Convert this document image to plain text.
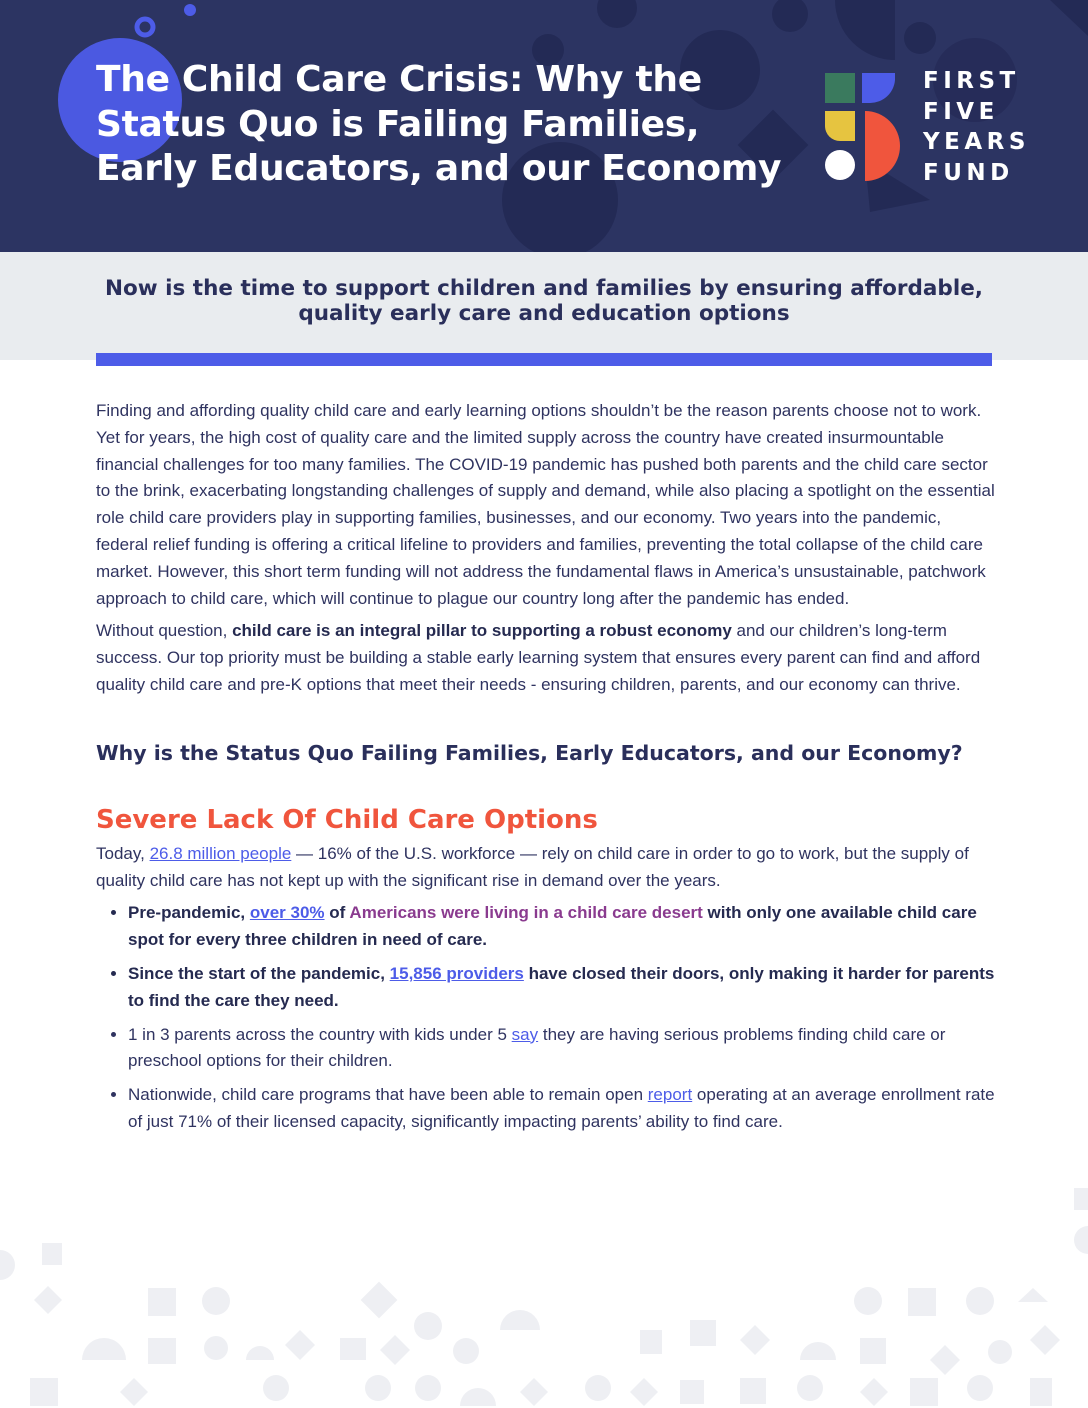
The Child Care Crisis: Why the
Status Quo is Failing Families,
Early Educators, and our Economy
FIRST
FIVE
YEARS
FUND
Now is the time to support children and families by ensuring affordable, quality early care and education options

Finding and affording quality child care and early learning options shouldn’t be the reason parents choose not to work. Yet for years, the high cost of quality care and the limited supply across the country have created insurmountable financial challenges for too many families. The COVID-19 pandemic has pushed both parents and the child care sector to the brink, exacerbating longstanding challenges of supply and demand, while also placing a spotlight on the essential role child care providers play in supporting families, businesses, and our economy. Two years into the pandemic, federal relief funding is offering a critical lifeline to providers and families, preventing the total collapse of the child care market. However, this short term funding will not address the fundamental flaws in America’s unsustainable, patchwork approach to child care, which will continue to plague our country long after the pandemic has ended.

Without question, child care is an integral pillar to supporting a robust economy and our children’s long-term success. Our top priority must be building a stable early learning system that ensures every parent can find and afford quality child care and pre-K options that meet their needs - ensuring children, parents, and our economy can thrive.

Why is the Status Quo Failing Families, Early Educators, and our Economy?
Severe Lack Of Child Care Options

Today, 26.8 million people — 16% of the U.S. workforce — rely on child care in order to go to work, but the supply of quality child care has not kept up with the significant rise in demand over the years.

• Pre-pandemic, over 30% of Americans were living in a child care desert with only one available child care spot for every three children in need of care.
• Since the start of the pandemic, 15,856 providers have closed their doors, only making it harder for parents to find the care they need.
• 1 in 3 parents across the country with kids under 5 say they are having serious problems finding child care or preschool options for their children.
• Nationwide, child care programs that have been able to remain open report operating at an average enrollment rate of just 71% of their licensed capacity, significantly impacting parents’ ability to find care.
